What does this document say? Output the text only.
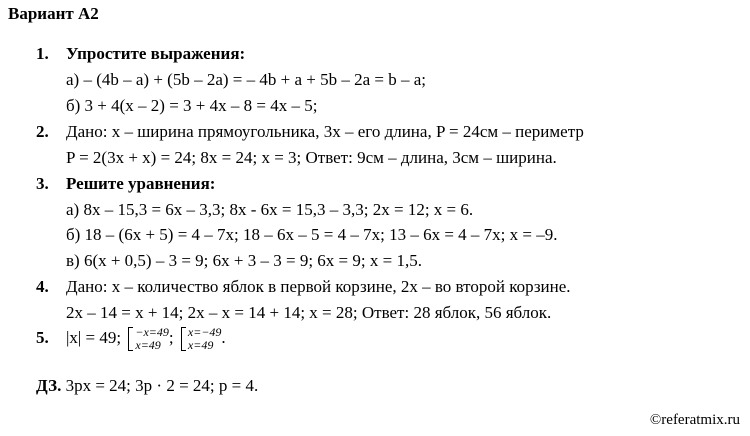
Вариант А2
1. Упростите выражения:
а) – (4b – a) + (5b – 2a) = – 4b + a + 5b – 2a = b – a;
б) 3 + 4(x – 2) = 3 + 4x – 8 = 4x – 5;
2. Дано: x – ширина прямоугольника, 3x – его длина, P = 24см – периметр
P = 2(3x + x) = 24; 8x = 24; x = 3; Ответ: 9см – длина, 3см – ширина.
3. Решите уравнения:
а) 8x – 15,3 = 6x – 3,3; 8x - 6x = 15,3 – 3,3; 2x = 12; x = 6.
б) 18 – (6x + 5) = 4 – 7x; 18 – 6x – 5 = 4 – 7x; 13 – 6x = 4 – 7x; x = –9.
в) 6(x + 0,5) – 3 = 9; 6x + 3 – 3 = 9; 6x = 9; x = 1,5.
4. Дано: x – количество яблок в первой корзине, 2x – во второй корзине.
2x – 14 = x + 14; 2x – x = 14 + 14; x = 28; Ответ: 28 яблок, 56 яблок.
5. |x| = 49; −x=49
x=49 ; x=−49
x=49 .
ДЗ. 3px = 24; 3p · 2 = 24; p = 4.
©referatmix.ru
